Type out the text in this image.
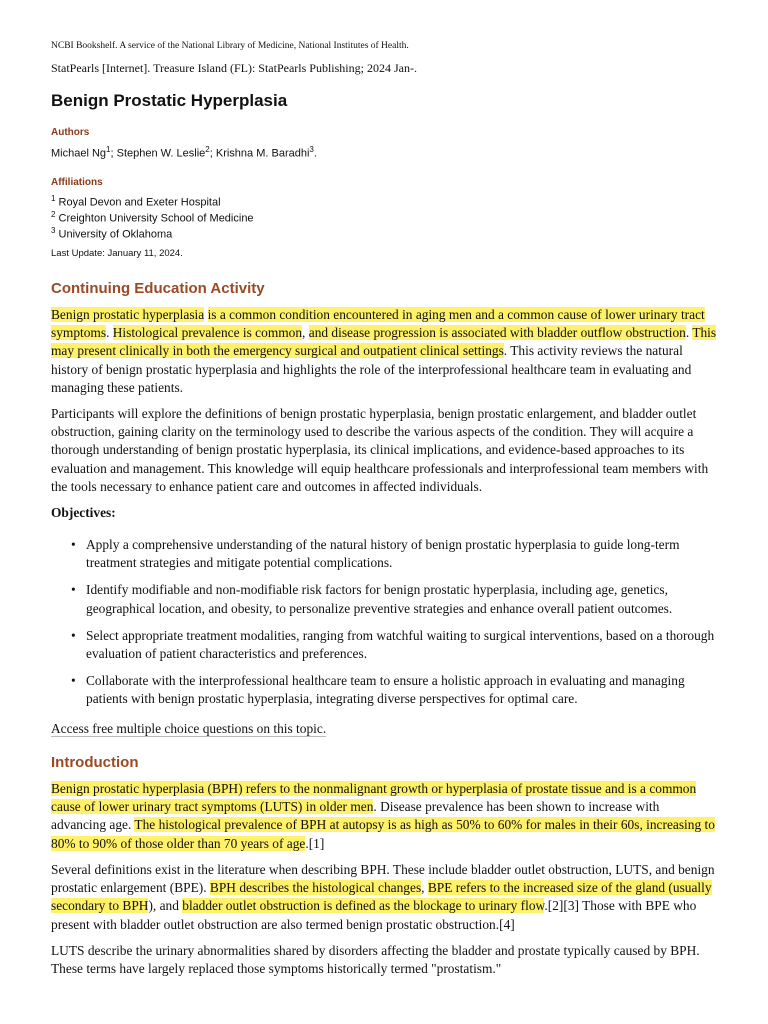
NCBI Bookshelf. A service of the National Library of Medicine, National Institutes of Health.
StatPearls [Internet]. Treasure Island (FL): StatPearls Publishing; 2024 Jan-.
Benign Prostatic Hyperplasia
Authors
Michael Ng$^1$; Stephen W. Leslie$^2$; Krishna M. Baradhi$^3$.
Affiliations
$^1$ Royal Devon and Exeter Hospital
$^2$ Creighton University School of Medicine
$^3$ University of Oklahoma
Last Update: January 11, 2024.
Continuing Education Activity

Benign prostatic hyperplasia is a common condition encountered in aging men and a common cause of lower urinary tract symptoms. Histological prevalence is common, and disease progression is associated with bladder outflow obstruction. This may present clinically in both the emergency surgical and outpatient clinical settings. This activity reviews the natural history of benign prostatic hyperplasia and highlights the role of the interprofessional healthcare team in evaluating and managing these patients.

Participants will explore the definitions of benign prostatic hyperplasia, benign prostatic enlargement, and bladder outlet obstruction, gaining clarity on the terminology used to describe the various aspects of the condition. They will acquire a thorough understanding of benign prostatic hyperplasia, its clinical implications, and evidence-based approaches to its evaluation and management. This knowledge will equip healthcare professionals and interprofessional team members with the tools necessary to enhance patient care and outcomes in affected individuals.

Objectives:

• Apply a comprehensive understanding of the natural history of benign prostatic hyperplasia to guide long-term treatment strategies and mitigate potential complications.
• Identify modifiable and non-modifiable risk factors for benign prostatic hyperplasia, including age, genetics, geographical location, and obesity, to personalize preventive strategies and enhance overall patient outcomes.
• Select appropriate treatment modalities, ranging from watchful waiting to surgical interventions, based on a thorough evaluation of patient characteristics and preferences.
• Collaborate with the interprofessional healthcare team to ensure a holistic approach in evaluating and managing patients with benign prostatic hyperplasia, integrating diverse perspectives for optimal care.
Access free multiple choice questions on this topic.
Introduction

Benign prostatic hyperplasia (BPH) refers to the nonmalignant growth or hyperplasia of prostate tissue and is a common cause of lower urinary tract symptoms (LUTS) in older men. Disease prevalence has been shown to increase with advancing age. The histological prevalence of BPH at autopsy is as high as 50% to 60% for males in their 60s, increasing to 80% to 90% of those older than 70 years of age.[1]

Several definitions exist in the literature when describing BPH. These include bladder outlet obstruction, LUTS, and benign prostatic enlargement (BPE). BPH describes the histological changes, BPE refers to the increased size of the gland (usually secondary to BPH), and bladder outlet obstruction is defined as the blockage to urinary flow.[2][3] Those with BPE who present with bladder outlet obstruction are also termed benign prostatic obstruction.[4]

LUTS describe the urinary abnormalities shared by disorders affecting the bladder and prostate typically caused by BPH. These terms have largely replaced those symptoms historically termed "prostatism."
